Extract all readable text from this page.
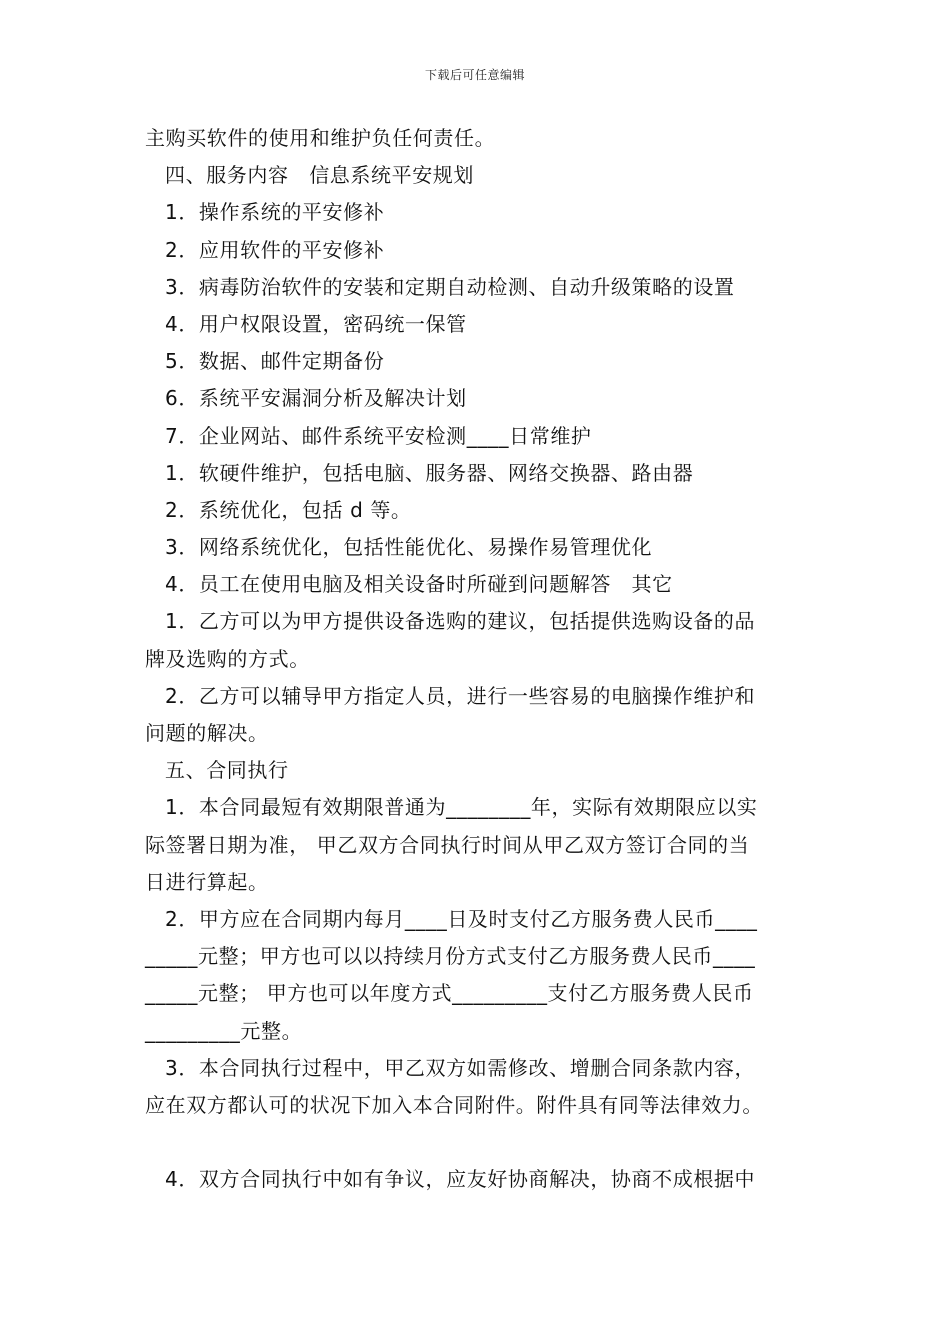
下载后可任意编辑
主购买软件的使用和维护负任何责任。
四、服务内容　信息系统平安规划
1．操作系统的平安修补
2．应用软件的平安修补
3．病毒防治软件的安装和定期自动检测、自动升级策略的设置
4．用户权限设置，密码统一保管
5．数据、邮件定期备份
6．系统平安漏洞分析及解决计划
7．企业网站、邮件系统平安检测____日常维护
1．软硬件维护，包括电脑、服务器、网络交换器、路由器
2．系统优化，包括 d 等。
3．网络系统优化，包括性能优化、易操作易管理优化
4．员工在使用电脑及相关设备时所碰到问题解答　其它
1．乙方可以为甲方提供设备选购的建议，包括提供选购设备的品
牌及选购的方式。
2．乙方可以辅导甲方指定人员，进行一些容易的电脑操作维护和
问题的解决。
五、合同执行
1．本合同最短有效期限普通为________年，实际有效期限应以实
际签署日期为准， 甲乙双方合同执行时间从甲乙双方签订合同的当
日进行算起。
2．甲方应在合同期内每月____日及时支付乙方服务费人民币____
_____元整；甲方也可以以持续月份方式支付乙方服务费人民币____
_____元整； 甲方也可以年度方式_________支付乙方服务费人民币
_________元整。
3．本合同执行过程中，甲乙双方如需修改、增删合同条款内容，
应在双方都认可的状况下加入本合同附件。附件具有同等法律效力。
4．双方合同执行中如有争议，应友好协商解决，协商不成根据中
